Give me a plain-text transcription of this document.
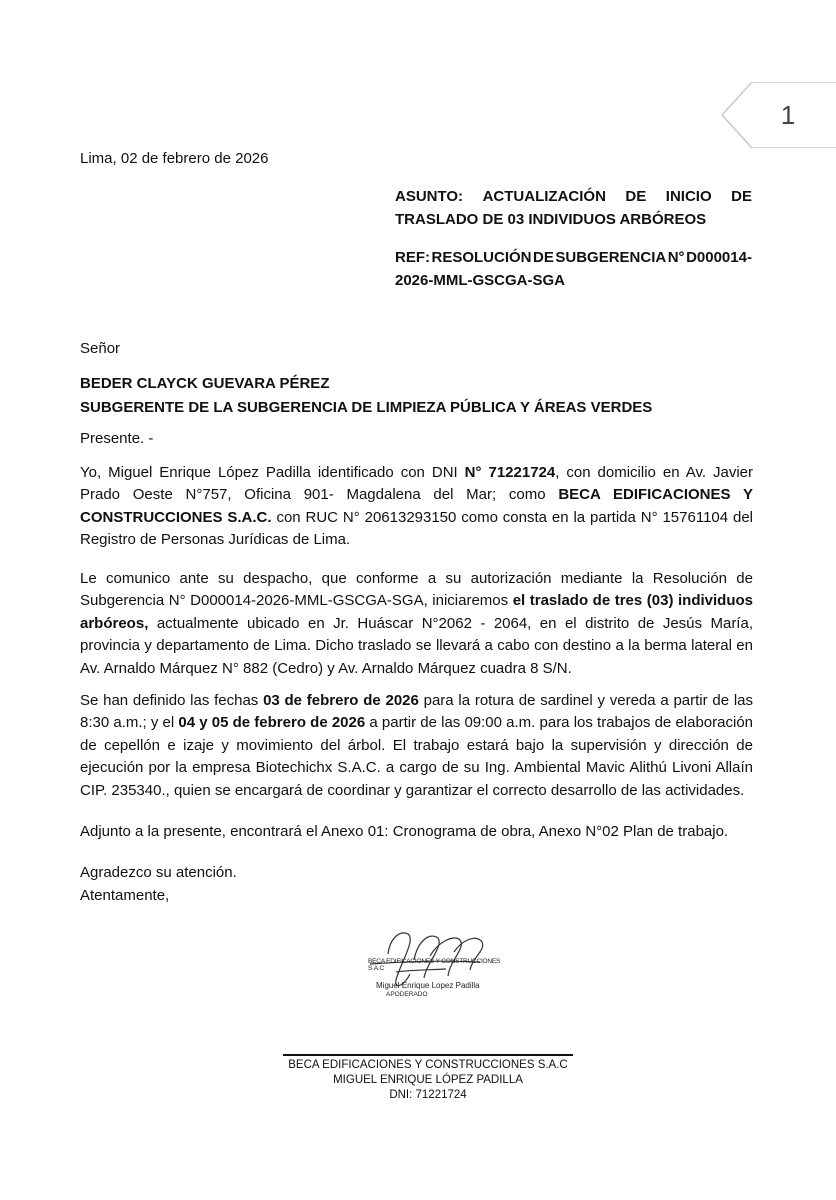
1
Lima, 02 de febrero de 2026
ASUNTO: ACTUALIZACIÓN DE INICIO DE
TRASLADO DE 03 INDIVIDUOS ARBÓREOS
REF: RESOLUCIÓN DE SUBGERENCIA N° D000014-
2026-MML-GSCGA-SGA
Señor
BEDER CLAYCK GUEVARA PÉREZ
SUBGERENTE DE LA SUBGERENCIA DE LIMPIEZA PÚBLICA Y ÁREAS VERDES
Presente. -
Yo, Miguel Enrique López Padilla identificado con DNI N° 71221724, con domicilio en Av. Javier Prado Oeste N°757, Oficina 901- Magdalena del Mar; como BECA EDIFICACIONES Y CONSTRUCCIONES S.A.C. con RUC N° 20613293150 como consta en la partida N° 15761104 del Registro de Personas Jurídicas de Lima.
Le comunico ante su despacho, que conforme a su autorización mediante la Resolución de Subgerencia N° D000014-2026-MML-GSCGA-SGA, iniciaremos el traslado de tres (03) individuos arbóreos, actualmente ubicado en Jr. Huáscar N°2062 - 2064, en el distrito de Jesús María, provincia y departamento de Lima. Dicho traslado se llevará a cabo con destino a la berma lateral en Av. Arnaldo Márquez N° 882 (Cedro) y Av. Arnaldo Márquez cuadra 8 S/N.
Se han definido las fechas 03 de febrero de 2026 para la rotura de sardinel y vereda a partir de las 8:30 a.m.; y el 04 y 05 de febrero de 2026 a partir de las 09:00 a.m. para los trabajos de elaboración de cepellón e izaje y movimiento del árbol. El trabajo estará bajo la supervisión y dirección de ejecución por la empresa Biotechichx S.A.C. a cargo de su Ing. Ambiental Mavic Alithú Livoni Allaín CIP. 235340., quien se encargará de coordinar y garantizar el correcto desarrollo de las actividades.
Adjunto a la presente, encontrará el Anexo 01: Cronograma de obra, Anexo N°02 Plan de trabajo.
Agradezco su atención.
Atentamente,
BECA EDIFICACIONES Y CONSTRUCCIONES S.A.C
Miguel Enrique Lopez Padilla
APODERADO
BECA EDIFICACIONES Y CONSTRUCCIONES S.A.C
MIGUEL ENRIQUE LÓPEZ PADILLA
DNI: 71221724
